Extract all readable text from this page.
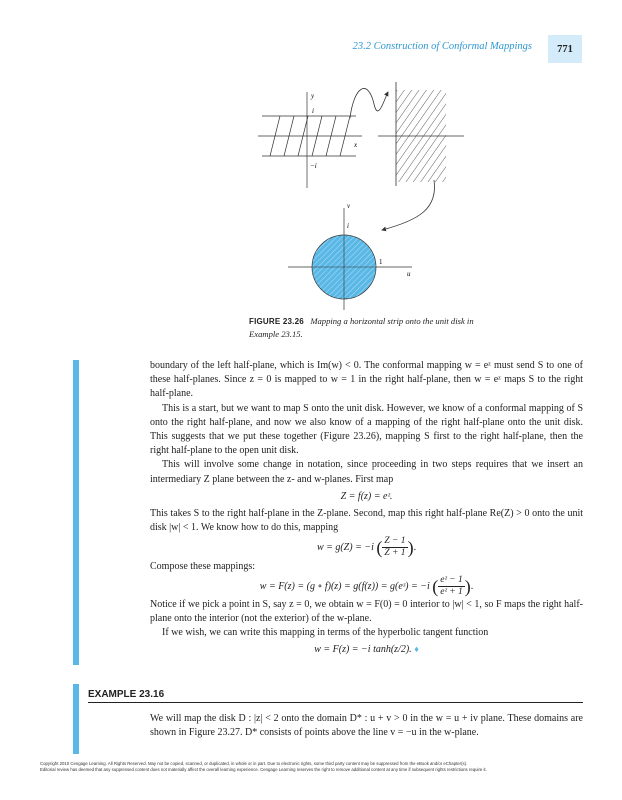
23.2 Construction of Conformal Mappings	771
y
i
x
−i
v
i
1
u
FIGURE 23.26 Mapping a horizontal strip onto the unit disk in Example 23.15.

boundary of the left half-plane, which is Im(w) < 0. The conformal mapping w = eᶻ must send S to one of these half-planes. Since z = 0 is mapped to w = 1 in the right half-plane, then w = eᶻ maps S to the right half-plane.

This is a start, but we want to map S onto the unit disk. However, we know of a conformal mapping of S onto the right half-plane, and now we also know of a mapping of the right half-plane onto the unit disk. This suggests that we put these together (Figure 23.26), mapping S first to the right half-plane, then the right half-plane to the open unit disk.

This will involve some change in notation, since proceeding in two steps requires that we insert an intermediary Z plane between the z- and w-planes. First map

Z = f(z) = eᶻ.

This takes S to the right half-plane in the Z-plane. Second, map this right half-plane Re(Z) > 0 onto the unit disk |w| < 1. We know how to do this, mapping

w = g(Z) = −i ( $\frac{Z - 1}{Z + 1}$ ).

Compose these mappings:

w = F(z) = (g ∘ f)(z) = g(f(z)) = g(eᶻ) = −i ( $\frac{\text{eᶻ − 1}}{\text{eᶻ + 1}}$ ).

Notice if we pick a point in S, say z = 0, we obtain w = F(0) = 0 interior to |w| < 1, so F maps the right half-plane onto the interior (not the exterior) of the w-plane.

If we wish, we can write this mapping in terms of the hyperbolic tangent function

w = F(z) = −i tanh(z/2). ♦

EXAMPLE 23.16
We will map the disk D : |z| < 2 onto the domain D* : u + v > 0 in the w = u + iv plane. These domains are shown in Figure 23.27. D* consists of points above the line v = −u in the w-plane.
Copyright 2010 Cengage Learning. All Rights Reserved. May not be copied, scanned, or duplicated, in whole or in part. Due to electronic rights, some third party content may be suppressed from the eBook and/or eChapter(s).
Editorial review has deemed that any suppressed content does not materially affect the overall learning experience. Cengage Learning reserves the right to remove additional content at any time if subsequent rights restrictions require it.
